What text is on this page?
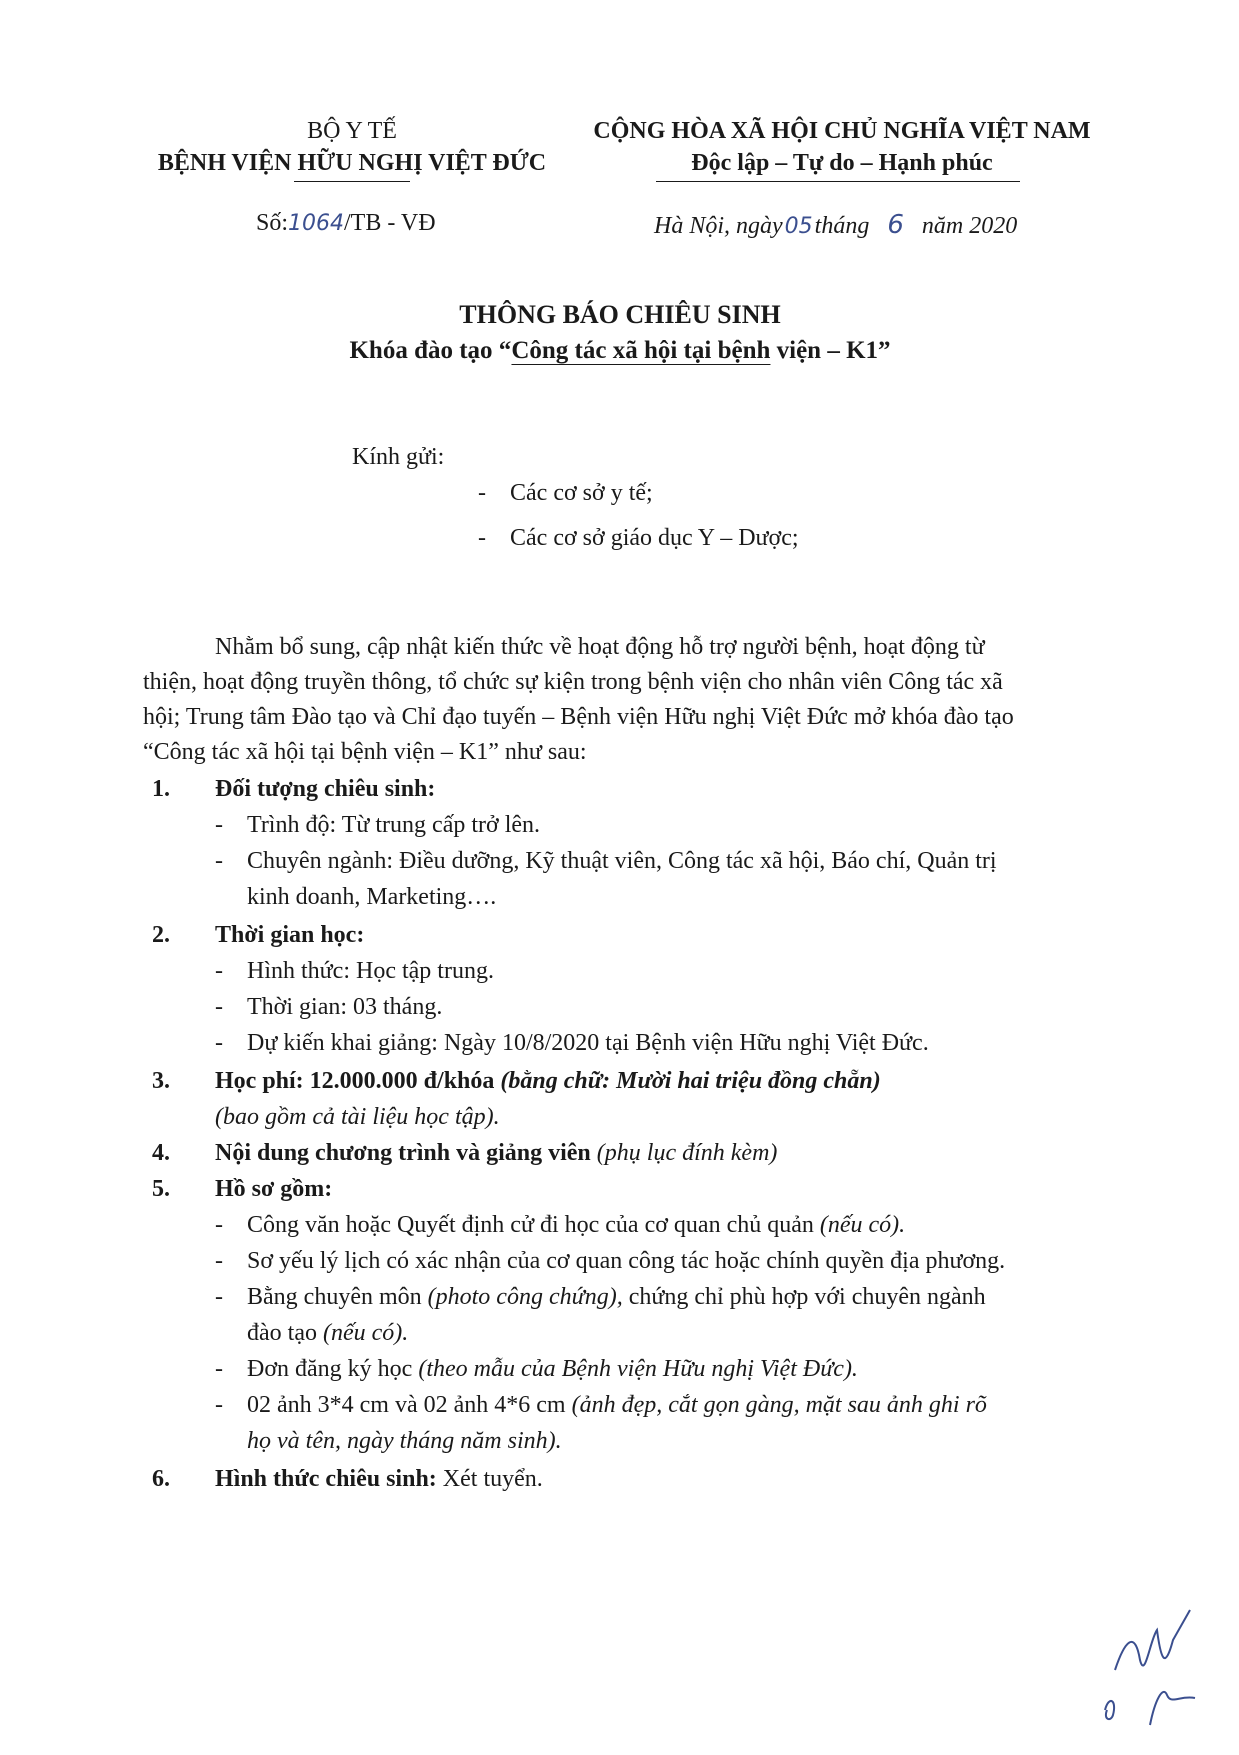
BỘ Y TẾ
BỆNH VIỆN HỮU NGHỊ VIỆT ĐỨC
Số:1064/TB - VĐ
CỘNG HÒA XÃ HỘI CHỦ NGHĨA VIỆT NAM
Độc lập – Tự do – Hạnh phúc
Hà Nội, ngày05tháng 6 năm 2020
THÔNG BÁO CHIÊU SINH
Khóa đào tạo “Công tác xã hội tại bệnh viện – K1”
Kính gửi:
- Các cơ sở y tế;
- Các cơ sở giáo dục Y – Dược;
Nhằm bổ sung, cập nhật kiến thức về hoạt động hỗ trợ người bệnh, hoạt động từ
thiện, hoạt động truyền thông, tổ chức sự kiện trong bệnh viện cho nhân viên Công tác xã
hội; Trung tâm Đào tạo và Chỉ đạo tuyến – Bệnh viện Hữu nghị Việt Đức mở khóa đào tạo
“Công tác xã hội tại bệnh viện – K1” như sau:
1. Đối tượng chiêu sinh:
- Trình độ: Từ trung cấp trở lên.
- Chuyên ngành: Điều dưỡng, Kỹ thuật viên, Công tác xã hội, Báo chí, Quản trị
kinh doanh, Marketing….
2. Thời gian học:
- Hình thức: Học tập trung.
- Thời gian: 03 tháng.
- Dự kiến khai giảng: Ngày 10/8/2020 tại Bệnh viện Hữu nghị Việt Đức.
3. Học phí: 12.000.000 đ/khóa (bằng chữ: Mười hai triệu đồng chẵn)
(bao gồm cả tài liệu học tập).
4. Nội dung chương trình và giảng viên (phụ lục đính kèm)
5. Hồ sơ gồm:
- Công văn hoặc Quyết định cử đi học của cơ quan chủ quản (nếu có).
- Sơ yếu lý lịch có xác nhận của cơ quan công tác hoặc chính quyền địa phương.
- Bằng chuyên môn (photo công chứng), chứng chỉ phù hợp với chuyên ngành
đào tạo (nếu có).
- Đơn đăng ký học (theo mẫu của Bệnh viện Hữu nghị Việt Đức).
- 02 ảnh 3*4 cm và 02 ảnh 4*6 cm (ảnh đẹp, cắt gọn gàng, mặt sau ảnh ghi rõ
họ và tên, ngày tháng năm sinh).
6. Hình thức chiêu sinh: Xét tuyển.
